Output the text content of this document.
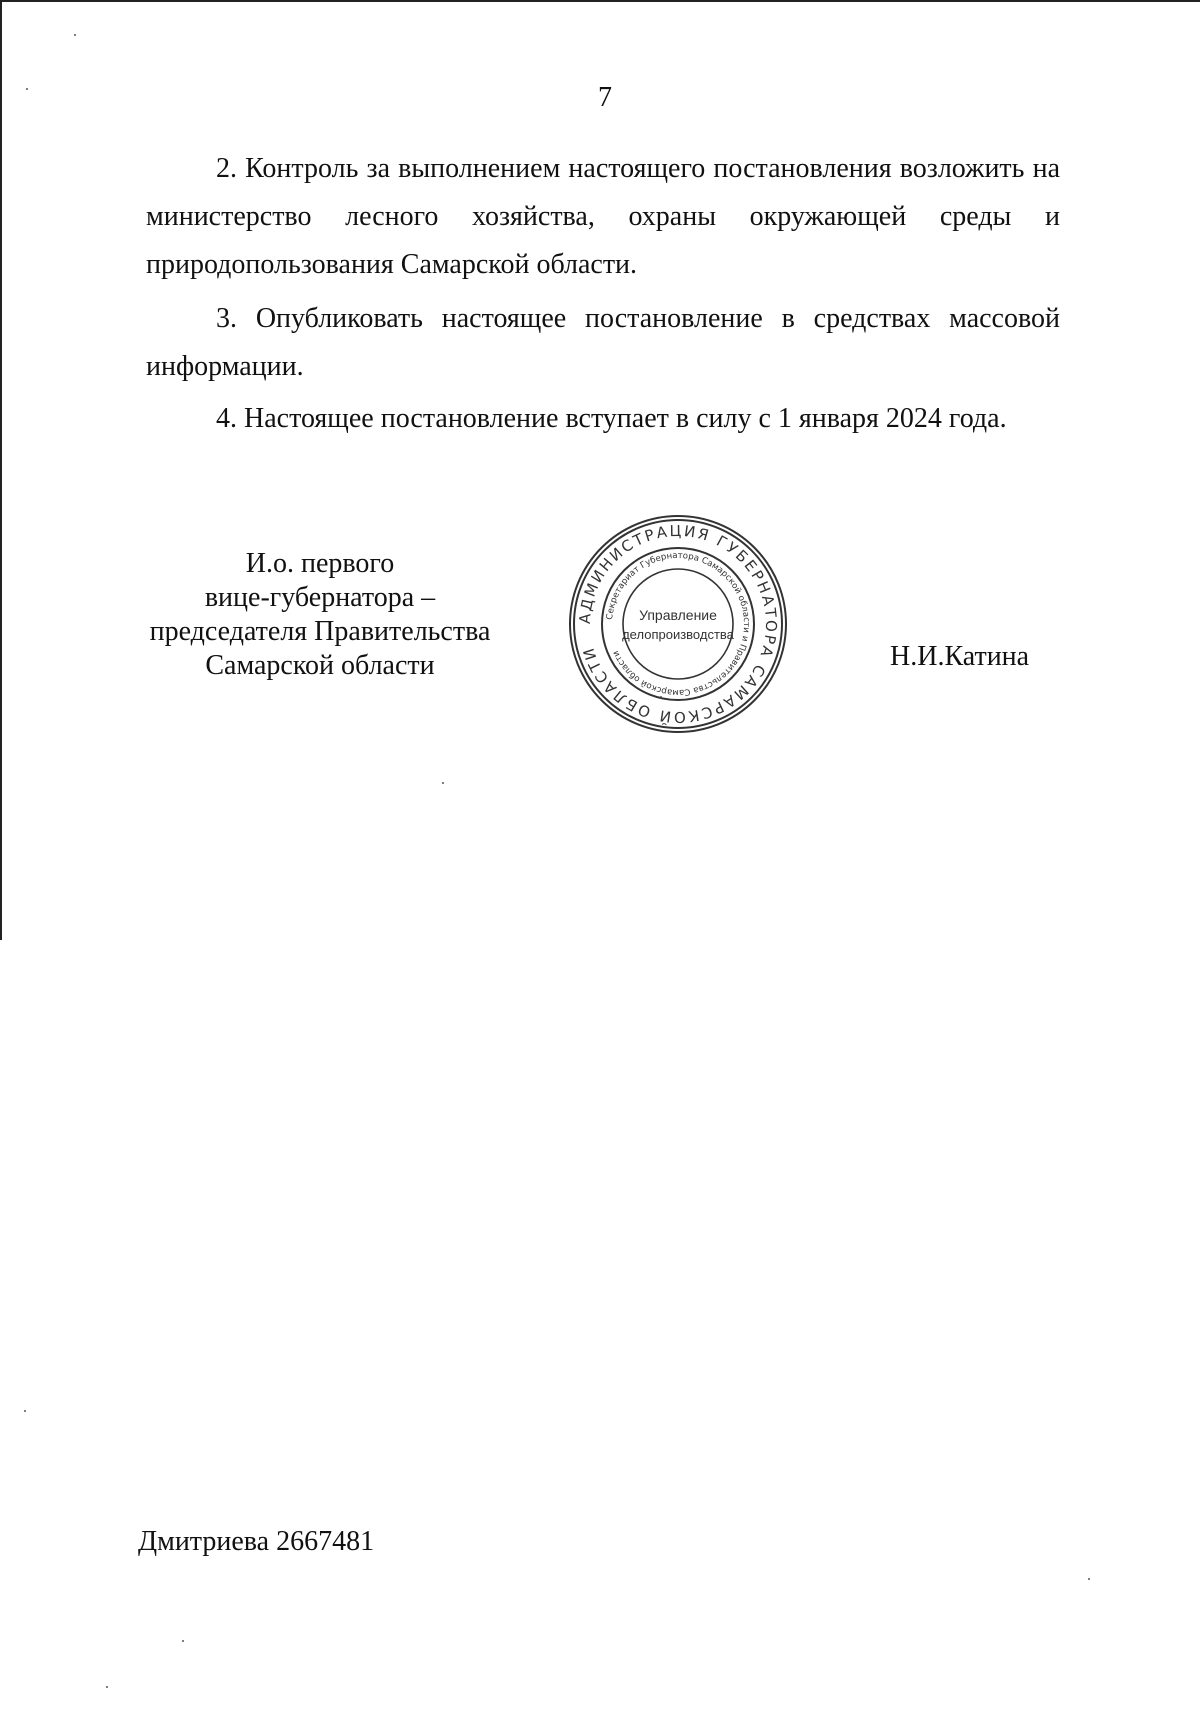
7
2. Контроль за выполнением настоящего постановления возложить на министерство лесного хозяйства, охраны окружающей среды и природопользования Самарской области.
3. Опубликовать настоящее постановление в средствах массовой информации.
4. Настоящее постановление вступает в силу с 1 января 2024 года.
И.о. первого
вице-губернатора –
председателя Правительства
Самарской области
АДМИНИСТРАЦИЯ ГУБЕРНАТОРА САМАРСКОЙ ОБЛАСТИ
Секретариат Губернатора Самарской области и Правительства Самарской области
Управление
делопроизводства
Н.И.Катина
Дмитриева 2667481
